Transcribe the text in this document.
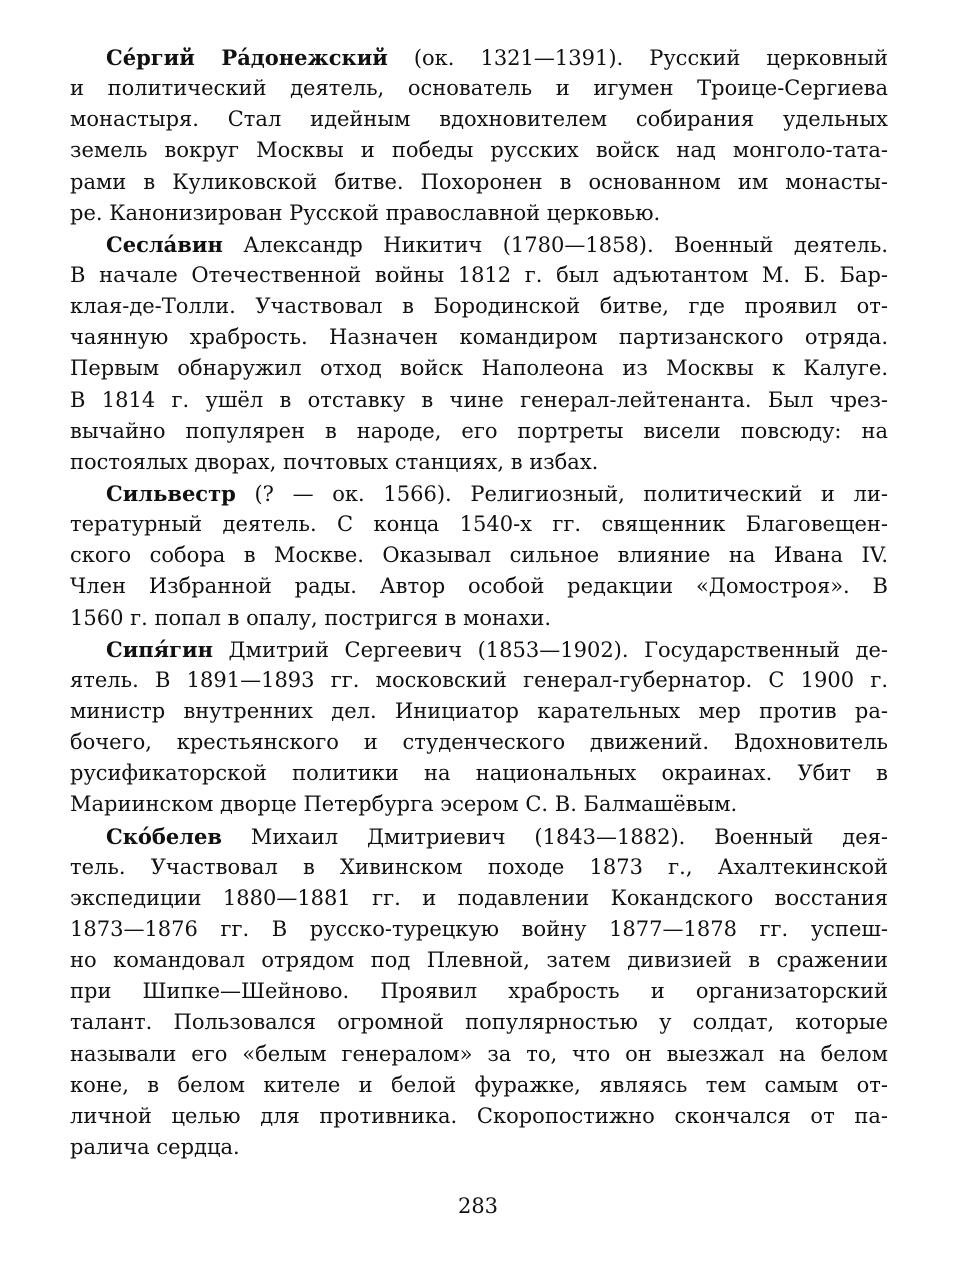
Се́ргий Ра́донежский (ок. 1321—1391). Русский церковный
и политический деятель, основатель и игумен Троице-Сергиева
монастыря. Стал идейным вдохновителем собирания удельных
земель вокруг Москвы и победы русских войск над монголо-тата-
рами в Куликовской битве. Похоронен в основанном им монасты-
ре. Канонизирован Русской православной церковью.
Сесла́вин Александр Никитич (1780—1858). Военный деятель.
В начале Отечественной войны 1812 г. был адъютантом М. Б. Бар-
клая-де-Толли. Участвовал в Бородинской битве, где проявил от-
чаянную храбрость. Назначен командиром партизанского отряда.
Первым обнаружил отход войск Наполеона из Москвы к Калуге.
В 1814 г. ушёл в отставку в чине генерал-лейтенанта. Был чрез-
вычайно популярен в народе, его портреты висели повсюду: на
постоялых дворах, почтовых станциях, в избах.
Сильвестр (? — ок. 1566). Религиозный, политический и ли-
тературный деятель. С конца 1540-х гг. священник Благовещен-
ского собора в Москве. Оказывал сильное влияние на Ивана IV.
Член Избранной рады. Автор особой редакции «Домостроя». В
1560 г. попал в опалу, постригся в монахи.
Сипя́гин Дмитрий Сергеевич (1853—1902). Государственный де-
ятель. В 1891—1893 гг. московский генерал-губернатор. С 1900 г.
министр внутренних дел. Инициатор карательных мер против ра-
бочего, крестьянского и студенческого движений. Вдохновитель
русификаторской политики на национальных окраинах. Убит в
Мариинском дворце Петербурга эсером С. В. Балмашёвым.
Ско́белев Михаил Дмитриевич (1843—1882). Военный дея-
тель. Участвовал в Хивинском походе 1873 г., Ахалтекинской
экспедиции 1880—1881 гг. и подавлении Кокандского восстания
1873—1876 гг. В русско-турецкую войну 1877—1878 гг. успеш-
но командовал отрядом под Плевной, затем дивизией в сражении
при Шипке—Шейново. Проявил храбрость и организаторский
талант. Пользовался огромной популярностью у солдат, которые
называли его «белым генералом» за то, что он выезжал на белом
коне, в белом кителе и белой фуражке, являясь тем самым от-
личной целью для противника. Скоропостижно скончался от па-
ралича сердца.
283
